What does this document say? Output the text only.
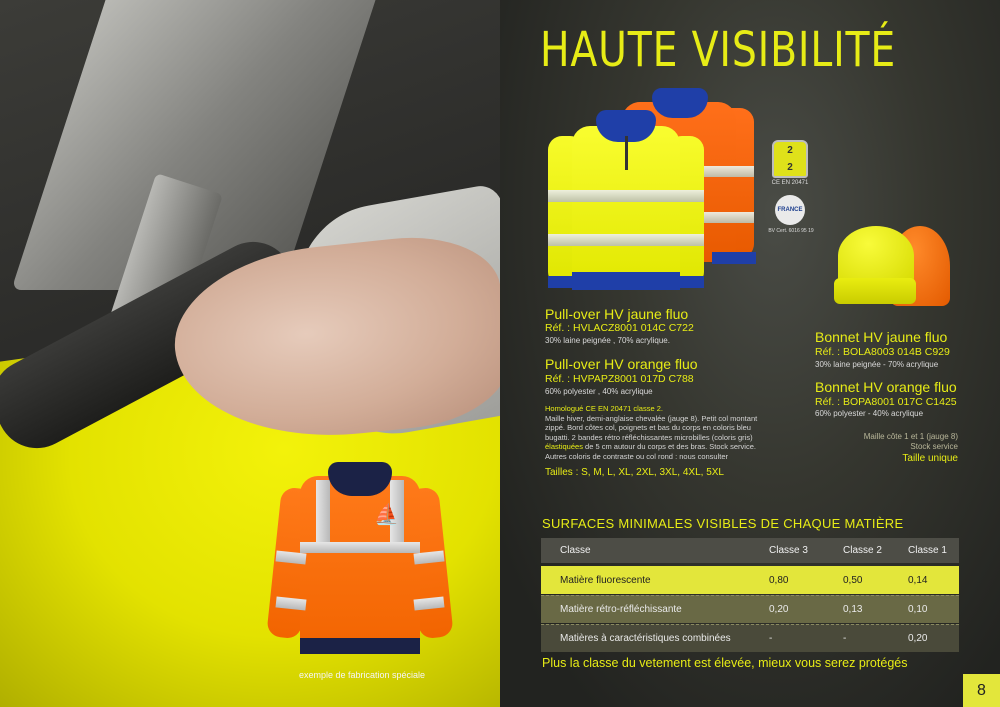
⛵
exemple de fabrication spéciale
HAUTE VISIBILITÉ
2
2
CE EN 20471
FRANCE
BV Cert. 6016 95 19
Pull-over HV jaune fluo
Réf. : HVLACZ8001 014C C722
30% laine peignée , 70% acrylique.
Pull-over HV orange fluo
Réf. : HVPAPZ8001 017D C788
60% polyester , 40% acrylique
Homologué CE EN 20471 classe 2.
Maille hiver, demi-anglaise chevalée (jauge 8). Petit col montant zippé. Bord côtes col, poignets et bas du corps en coloris bleu bugatti. 2 bandes rétro réfléchissantes microbilles (coloris gris) élastiquées de 5 cm autour du corps et des bras. Stock service.
Autres coloris de contraste ou col rond : nous consulter
Tailles : S, M, L, XL, 2XL, 3XL, 4XL, 5XL
Bonnet HV jaune fluo
Réf. : BOLA8003 014B C929
30% laine peignée - 70% acrylique
Bonnet HV orange fluo
Réf. : BOPA8001 017C C1425
60% polyester - 40% acrylique
Maille côte 1 et 1 (jauge 8)
Stock service
Taille unique
SURFACES MINIMALES VISIBLES DE CHAQUE MATIÈRE
Classe	Classe 3	Classe 2	Classe 1
Matière fluorescente	0,80	0,50	0,14
Matière rétro-réfléchissante	0,20	0,13	0,10
Matières à caractéristiques combinées	-	-	0,20
Plus la classe du vetement est élevée, mieux vous serez protégés
8
